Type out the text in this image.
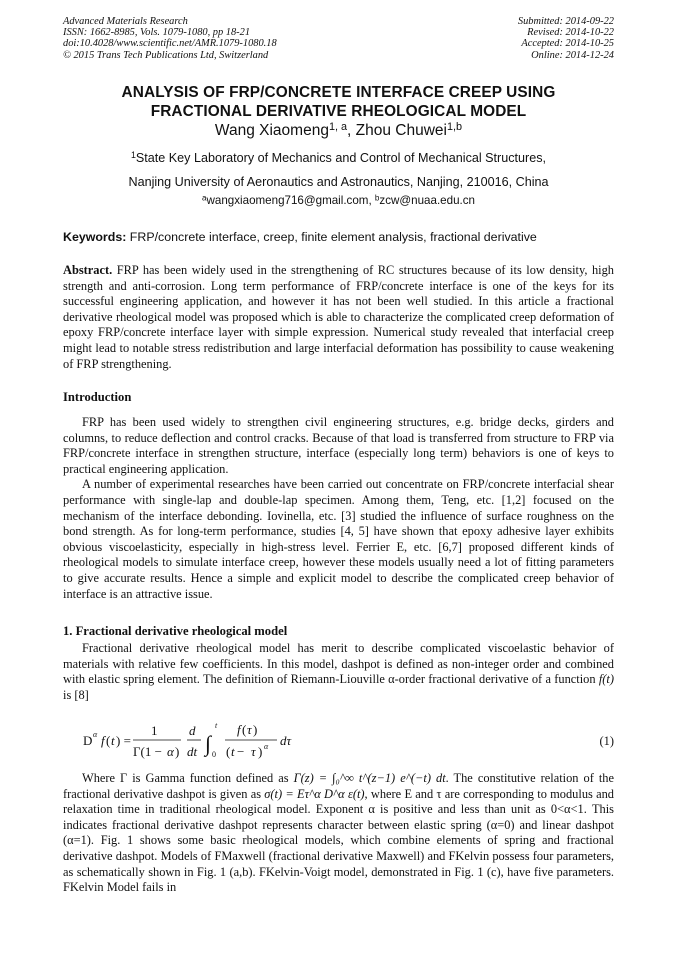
Advanced Materials Research
ISSN: 1662-8985, Vols. 1079-1080, pp 18-21
doi:10.4028/www.scientific.net/AMR.1079-1080.18
© 2015 Trans Tech Publications Ltd, Switzerland
Submitted: 2014-09-22
Revised: 2014-10-22
Accepted: 2014-10-25
Online: 2014-12-24
ANALYSIS OF FRP/CONCRETE INTERFACE CREEP USING
FRACTIONAL DERIVATIVE RHEOLOGICAL MODEL
Wang Xiaomeng$^{1, a}$, Zhou Chuwei$^{1,b}$
$^1$State Key Laboratory of Mechanics and Control of Mechanical Structures,
Nanjing University of Aeronautics and Astronautics, Nanjing, 210016, China
$^a$wangxiaomeng716@gmail.com, $^b$zcw@nuaa.edu.cn
Keywords: FRP/concrete interface, creep, finite element analysis, fractional derivative
Abstract. FRP has been widely used in the strengthening of RC structures because of its low density, high strength and anti-corrosion. Long term performance of FRP/concrete interface is one of the keys for its successful engineering application, and however it has not been well studied. In this article a fractional derivative rheological model was proposed which is able to characterize the complicated creep deformation of epoxy FRP/concrete interface layer with simple expression. Numerical study revealed that interfacial creep might lead to notable stress redistribution and large interfacial deformation has possibility to cause weakening of FRP strengthening.
Introduction

FRP has been used widely to strengthen civil engineering structures, e.g. bridge decks, girders and columns, to reduce deflection and control cracks. Because of that load is transferred from structure to FRP via FRP/concrete interface in strengthen structure, interface (especially long term) behaviors is one of keys to practical engineering application.

A number of experimental researches have been carried out concentrate on FRP/concrete interfacial shear performance with single-lap and double-lap specimen. Among them, Teng, etc. [1,2] focused on the mechanism of the interface debonding. Iovinella, etc. [3] studied the influence of surface roughness on the bond strength. As for long-term performance, studies [4, 5] have shown that epoxy adhesive layer exhibits obvious viscoelasticity, especially in high-stress level. Ferrier E, etc. [6,7] proposed different kinds of rheological models to simulate interface creep, however these models usually need a lot of fitting parameters to give accurate results. Hence a simple and explicit model to describe the complicated creep behavior of interface is an attractive issue.

1. Fractional derivative rheological model

Fractional derivative rheological model has merit to describe complicated viscoelastic behavior of materials with relative few coefficients. In this model, dashpot is defined as non-integer order and combined with elastic spring element. The definition of Riemann-Liouville α-order fractional derivative of a function f(t) is [8]

D α f ( t ) =
1
Γ(1 − α )
d
dt ∫
t
0
f ( τ )
( t − τ ) α dτ	(1)

Where Γ is Gamma function defined as Γ(z) = ∫₀^∞ t^(z−1) e^(−t) dt. The constitutive relation of the fractional derivative dashpot is given as σ(t) = Eτ^α D^α ε(t), where E and τ are corresponding to modulus and relaxation time in traditional rheological model. Exponent α is positive and less than unit as 0<α<1. This indicates fractional derivative dashpot represents character between elastic spring (α=0) and linear dashpot (α=1). Fig. 1 shows some basic rheological models, which combine elements of spring and fractional derivative dashpot. Models of FMaxwell (fractional derivative Maxwell) and FKelvin possess four parameters, as schematically shown in Fig. 1 (a,b). FKelvin-Voigt model, demonstrated in Fig. 1 (c), have five parameters. FKelvin Model fails in
